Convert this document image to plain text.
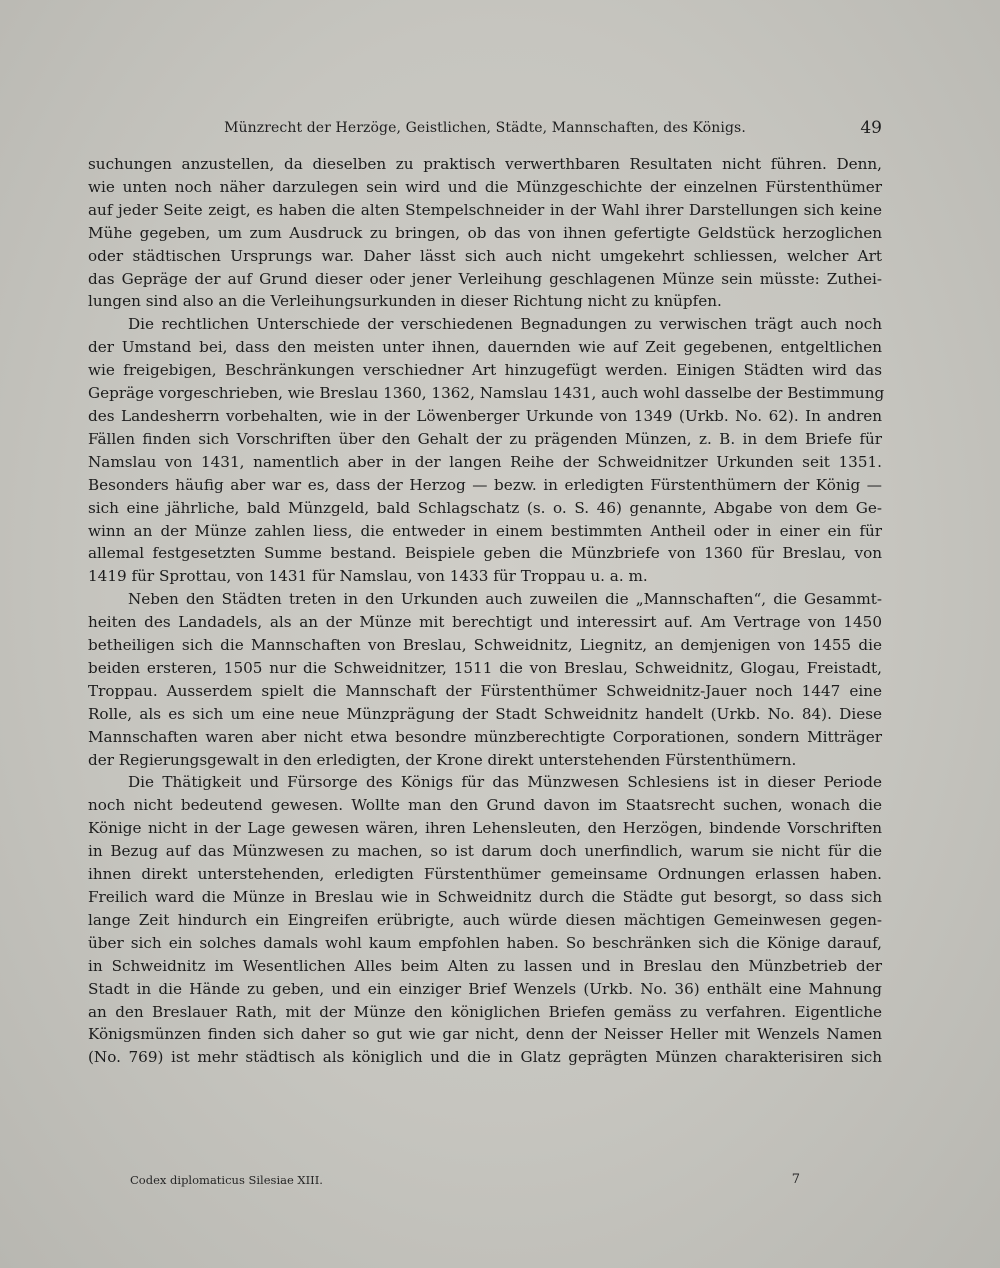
Münzrecht der Herzöge, Geistlichen, Städte, Mannschaften, des Königs.	49
suchungen anzustellen, da dieselben zu praktisch verwerthbaren Resultaten nicht führen. Denn,
wie unten noch näher darzulegen sein wird und die Münzgeschichte der einzelnen Fürstenthümer
auf jeder Seite zeigt, es haben die alten Stempelschneider in der Wahl ihrer Darstellungen sich keine
Mühe gegeben, um zum Ausdruck zu bringen, ob das von ihnen gefertigte Geldstück herzoglichen
oder städtischen Ursprungs war. Daher lässt sich auch nicht umgekehrt schliessen, welcher Art
das Gepräge der auf Grund dieser oder jener Verleihung geschlagenen Münze sein müsste: Zuthei-
lungen sind also an die Verleihungsurkunden in dieser Richtung nicht zu knüpfen.
Die rechtlichen Unterschiede der verschiedenen Begnadungen zu verwischen trägt auch noch
der Umstand bei, dass den meisten unter ihnen, dauernden wie auf Zeit gegebenen, entgeltlichen
wie freigebigen, Beschränkungen verschiedner Art hinzugefügt werden. Einigen Städten wird das
Gepräge vorgeschrieben, wie Breslau 1360, 1362, Namslau 1431, auch wohl dasselbe der Bestimmung
des Landesherrn vorbehalten, wie in der Löwenberger Urkunde von 1349 (Urkb. No. 62). In andren
Fällen finden sich Vorschriften über den Gehalt der zu prägenden Münzen, z. B. in dem Briefe für
Namslau von 1431, namentlich aber in der langen Reihe der Schweidnitzer Urkunden seit 1351.
Besonders häufig aber war es, dass der Herzog — bezw. in erledigten Fürstenthümern der König —
sich eine jährliche, bald Münzgeld, bald Schlagschatz (s. o. S. 46) genannte, Abgabe von dem Ge-
winn an der Münze zahlen liess, die entweder in einem bestimmten Antheil oder in einer ein für
allemal festgesetzten Summe bestand. Beispiele geben die Münzbriefe von 1360 für Breslau, von
1419 für Sprottau, von 1431 für Namslau, von 1433 für Troppau u. a. m.
Neben den Städten treten in den Urkunden auch zuweilen die „Mannschaften“, die Gesammt-
heiten des Landadels, als an der Münze mit berechtigt und interessirt auf. Am Vertrage von 1450
betheiligen sich die Mannschaften von Breslau, Schweidnitz, Liegnitz, an demjenigen von 1455 die
beiden ersteren, 1505 nur die Schweidnitzer, 1511 die von Breslau, Schweidnitz, Glogau, Freistadt,
Troppau. Ausserdem spielt die Mannschaft der Fürstenthümer Schweidnitz-Jauer noch 1447 eine
Rolle, als es sich um eine neue Münzprägung der Stadt Schweidnitz handelt (Urkb. No. 84). Diese
Mannschaften waren aber nicht etwa besondre münzberechtigte Corporationen, sondern Mitträger
der Regierungsgewalt in den erledigten, der Krone direkt unterstehenden Fürstenthümern.
Die Thätigkeit und Fürsorge des Königs für das Münzwesen Schlesiens ist in dieser Periode
noch nicht bedeutend gewesen. Wollte man den Grund davon im Staatsrecht suchen, wonach die
Könige nicht in der Lage gewesen wären, ihren Lehensleuten, den Herzögen, bindende Vorschriften
in Bezug auf das Münzwesen zu machen, so ist darum doch unerfindlich, warum sie nicht für die
ihnen direkt unterstehenden, erledigten Fürstenthümer gemeinsame Ordnungen erlassen haben.
Freilich ward die Münze in Breslau wie in Schweidnitz durch die Städte gut besorgt, so dass sich
lange Zeit hindurch ein Eingreifen erübrigte, auch würde diesen mächtigen Gemeinwesen gegen-
über sich ein solches damals wohl kaum empfohlen haben. So beschränken sich die Könige darauf,
in Schweidnitz im Wesentlichen Alles beim Alten zu lassen und in Breslau den Münzbetrieb der
Stadt in die Hände zu geben, und ein einziger Brief Wenzels (Urkb. No. 36) enthält eine Mahnung
an den Breslauer Rath, mit der Münze den königlichen Briefen gemäss zu verfahren. Eigentliche
Königsmünzen finden sich daher so gut wie gar nicht, denn der Neisser Heller mit Wenzels Namen
(No. 769) ist mehr städtisch als königlich und die in Glatz geprägten Münzen charakterisiren sich
Codex diplomaticus Silesiae XIII.	7
